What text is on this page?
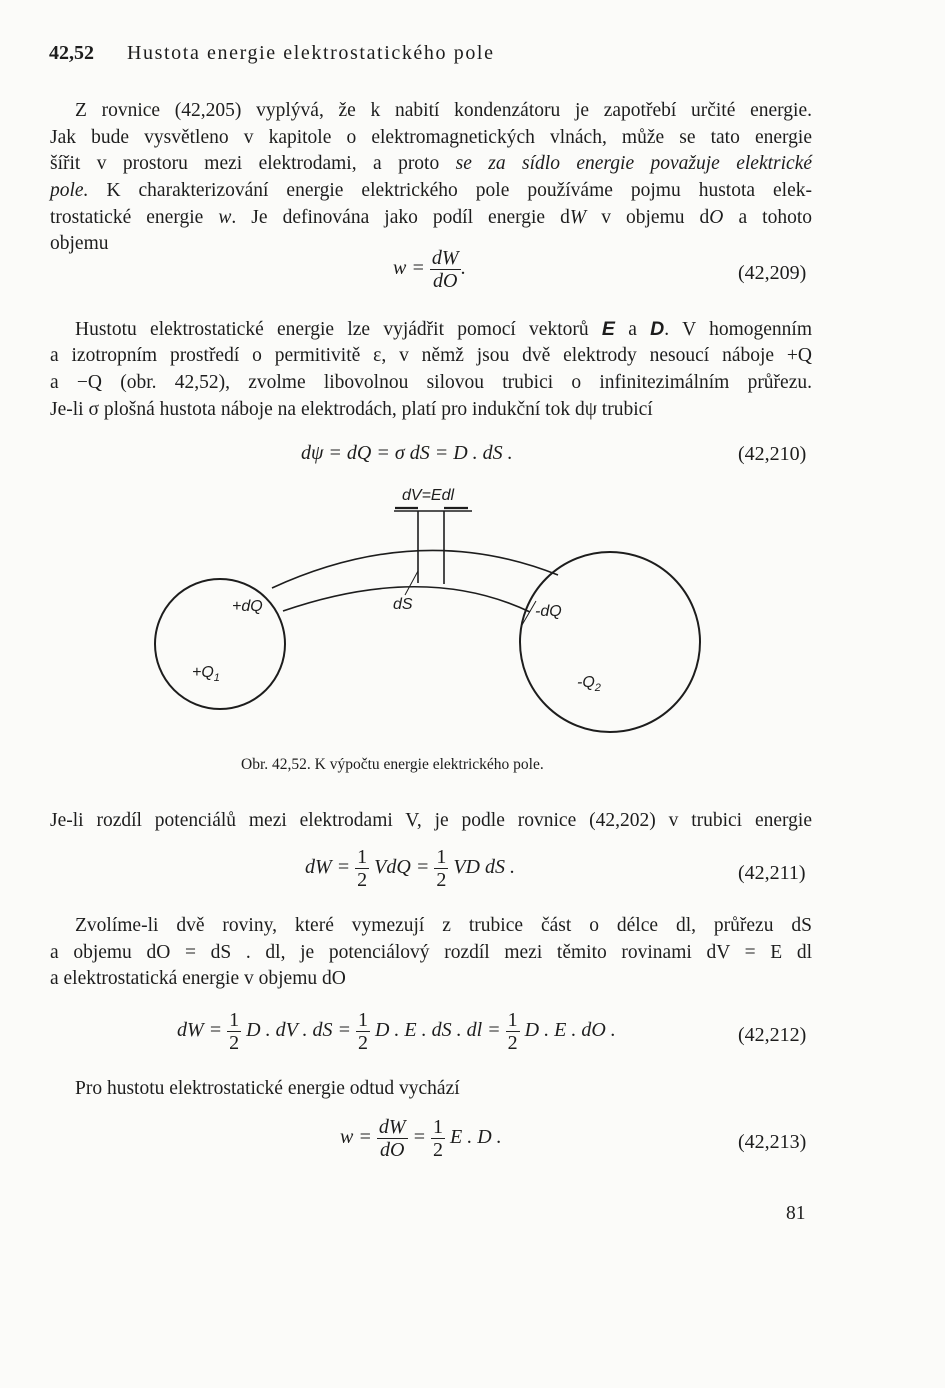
42,52 Hustota energie elektrostatického pole
Z rovnice (42,205) vyplývá, že k nabití kondenzátoru je zapotřebí určité energie.
Jak bude vysvětleno v kapitole o elektromagnetických vlnách, může se tato energie
šířit v prostoru mezi elektrodami, a proto se za sídlo energie považuje elektrické
pole. K charakterizování energie elektrického pole používáme pojmu hustota elek-
trostatické energie w. Je definována jako podíl energie dW v objemu dO a tohoto
objemu
$w = \frac{dW}{dO}$ .	(42,209)
Hustotu elektrostatické energie lze vyjádřit pomocí vektorů E a D. V homogenním
a izotropním prostředí o permitivitě ε, v němž jsou dvě elektrody nesoucí náboje +Q
a −Q (obr. 42,52), zvolme libovolnou silovou trubici o infinitezimálním průřezu.
Je-li σ plošná hustota náboje na elektrodách, platí pro indukční tok dψ trubicí
dψ = dQ = σ dS = D . dS .	(42,210)
dV=Edl
+dQ	dS	-dQ
$+Q_1$	$-Q_2$
Obr. 42,52. K výpočtu energie elektrického pole.
Je-li rozdíl potenciálů mezi elektrodami V, je podle rovnice (42,202) v trubici energie
dW = $\frac{1}{2}$ VdQ = $\frac{1}{2}$ VD dS .	(42,211)
Zvolíme-li dvě roviny, které vymezují z trubice část o délce dl, průřezu dS
a objemu dO = dS . dl, je potenciálový rozdíl mezi těmito rovinami dV = E dl
a elektrostatická energie v objemu dO
dW = $\frac{1}{2}$ D . dV . dS = $\frac{1}{2}$ D . E . dS . dl = $\frac{1}{2}$ D . E . dO .	(42,212)
Pro hustotu elektrostatické energie odtud vychází
$w = \frac{dW}{dO} = \frac{1}{2}$ E . D .	(42,213)
81
